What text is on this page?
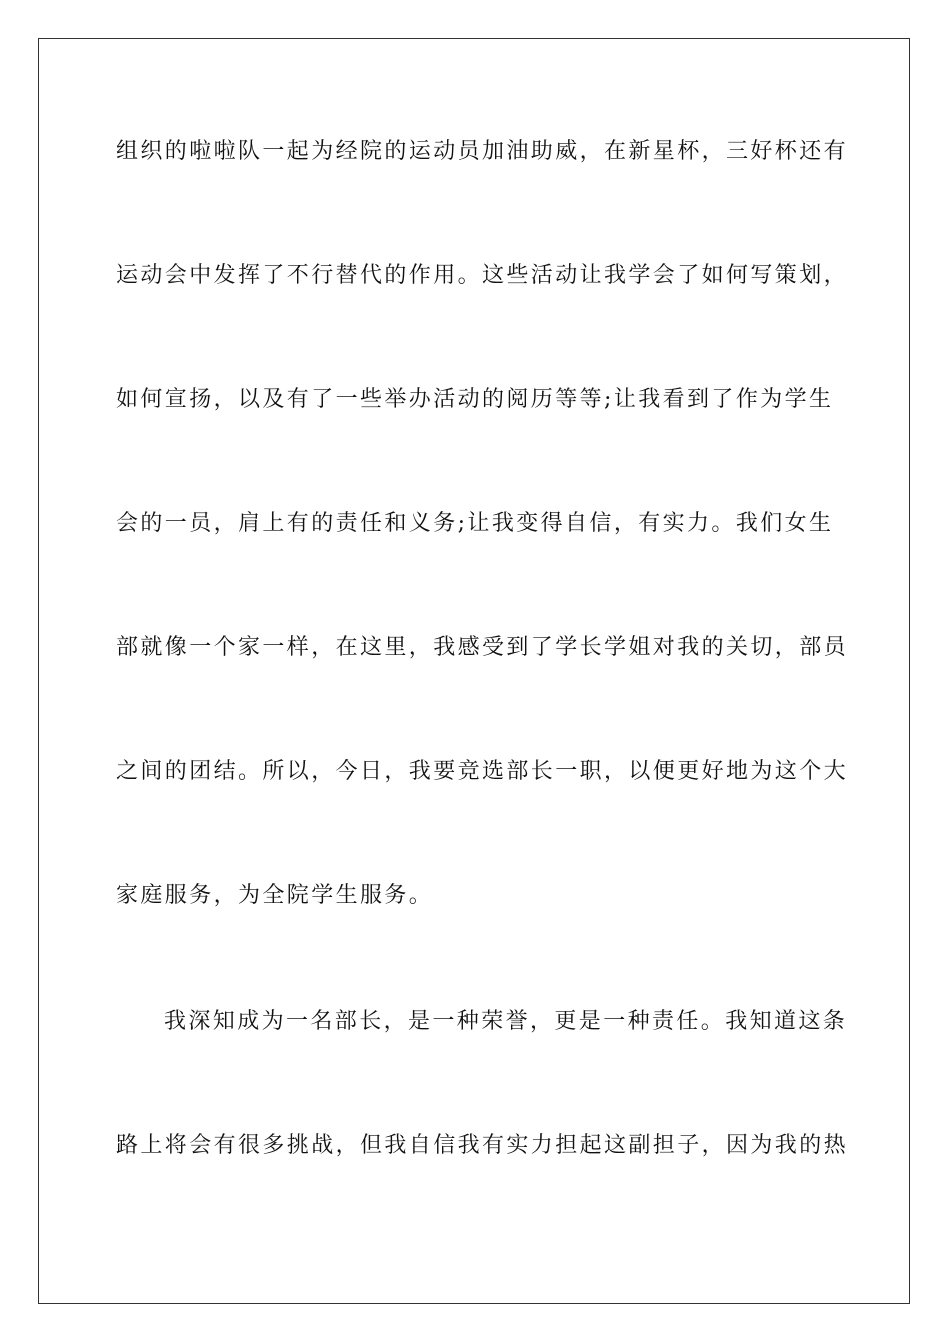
组织的啦啦队一起为经院的运动员加油助威，在新星杯，三好杯还有
运动会中发挥了不行替代的作用。这些活动让我学会了如何写策划，
如何宣扬，以及有了一些举办活动的阅历等等;让我看到了作为学生
会的一员，肩上有的责任和义务;让我变得自信，有实力。我们女生
部就像一个家一样，在这里，我感受到了学长学姐对我的关切，部员
之间的团结。所以，今日，我要竞选部长一职，以便更好地为这个大
家庭服务，为全院学生服务。
我深知成为一名部长，是一种荣誉，更是一种责任。我知道这条
路上将会有很多挑战，但我自信我有实力担起这副担子，因为我的热
